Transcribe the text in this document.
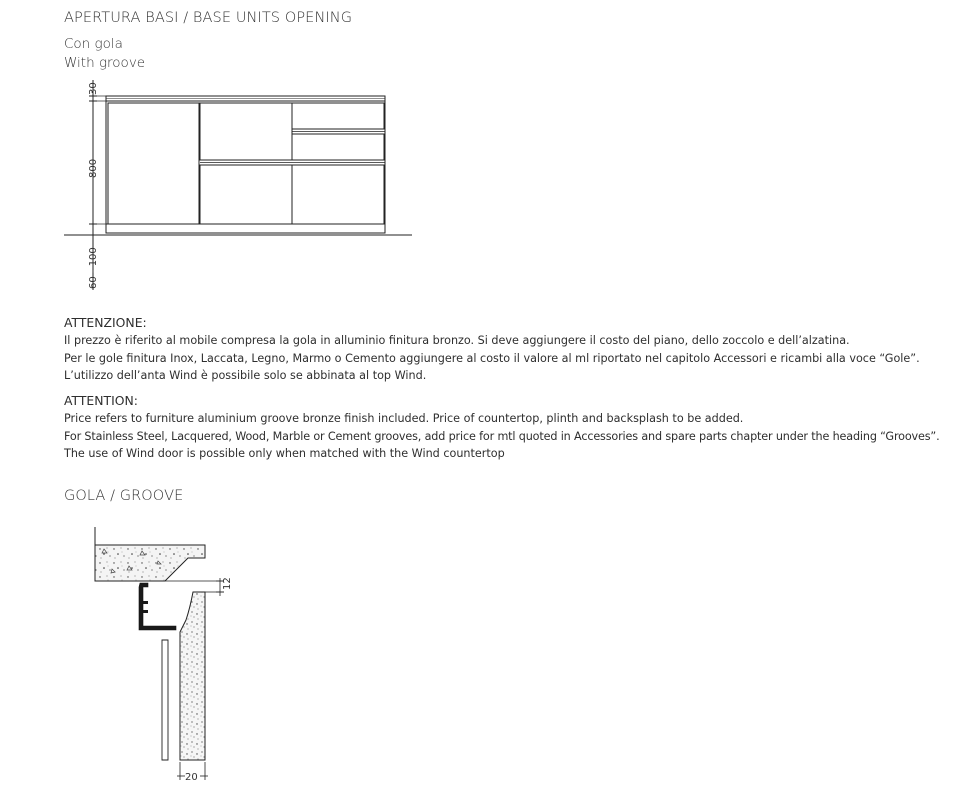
APERTURA BASI / BASE UNITS OPENING
Con gola
With groove
30
800
60 - 100
ATTENZIONE:
Il prezzo è riferito al mobile compresa la gola in alluminio finitura bronzo. Si deve aggiungere il costo del piano, dello zoccolo e dell’alzatina.
Per le gole finitura Inox, Laccata, Legno, Marmo o Cemento aggiungere al costo il valore al ml riportato nel capitolo Accessori e ricambi alla voce “Gole”.
L’utilizzo dell’anta Wind è possibile solo se abbinata al top Wind.
ATTENTION:
Price refers to furniture aluminium groove bronze finish included. Price of countertop, plinth and backsplash to be added.
For Stainless Steel, Lacquered, Wood, Marble or Cement grooves, add price for mtl quoted in Accessories and spare parts chapter under the heading “Grooves”.
The use of Wind door is possible only when matched with the Wind countertop
GOLA / GROOVE
12
20
